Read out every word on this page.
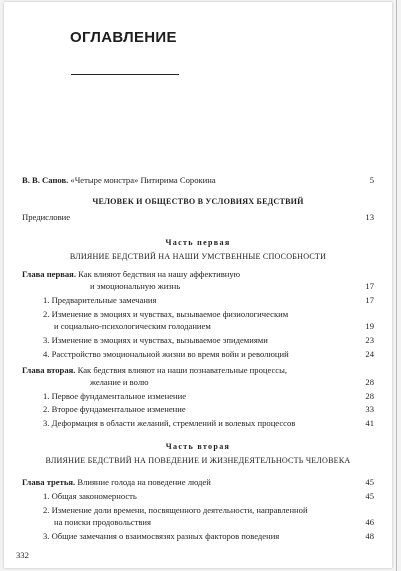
ОГЛАВЛЕНИЕ
В. В. Сапов. «Четыре монстра» Питирима Сорокина	5
ЧЕЛОВЕК И ОБЩЕСТВО В УСЛОВИЯХ БЕДСТВИЙ
Предисловие	13
Часть первая
ВЛИЯНИЕ БЕДСТВИЙ НА НАШИ УМСТВЕННЫЕ СПОСОБНОСТИ
Глава первая. Как влияют бедствия на нашу аффективную
и эмоциональную жизнь	17
1. Предварительные замечания	17
2. Изменение в эмоциях и чувствах, вызываемое физиологическим
и социально-психологическим голоданием	19
3. Изменение в эмоциях и чувствах, вызываемое эпидемиями	23
4. Расстройство эмоциональной жизни во время войн и революций	24
Глава вторая. Как бедствия влияют на наши познавательные процессы,
желание и волю	28
1. Первое фундаментальное изменение	28
2. Второе фундаментальное изменение	33
3. Деформация в области желаний, стремлений и волевых процессов	41
Часть вторая
ВЛИЯНИЕ БЕДСТВИЙ НА ПОВЕДЕНИЕ И ЖИЗНЕДЕЯТЕЛЬНОСТЬ ЧЕЛОВЕКА
Глава третья. Влияние голода на поведение людей	45
1. Общая закономерность	45
2. Изменение доли времени, посвященного деятельности, направленной
на поиски продовольствия	46
3. Общие замечания о взаимосвязях разных факторов поведения	48
332
